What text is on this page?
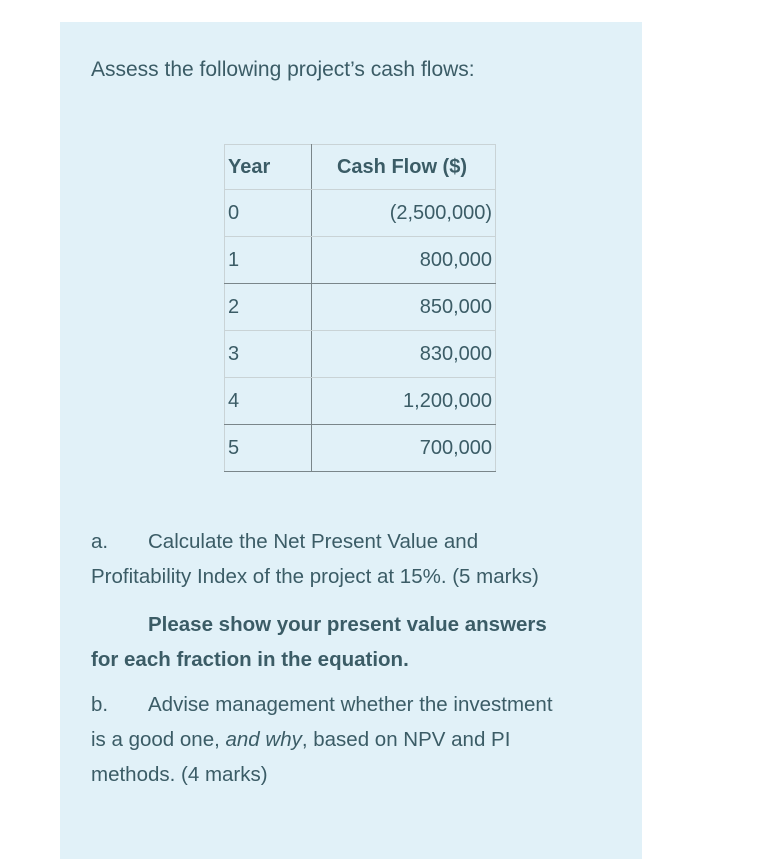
Assess the following project’s cash flows:

Year	Cash Flow ($)
0	(2,500,000)
1	800,000
2	850,000
3	830,000
4	1,200,000
5	700,000

a. Calculate the Net Present Value and
Profitability Index of the project at 15%. (5 marks)

Please show your present value answers
for each fraction in the equation.

b. Advise management whether the investment
is a good one, and why, based on NPV and PI
methods. (4 marks)
